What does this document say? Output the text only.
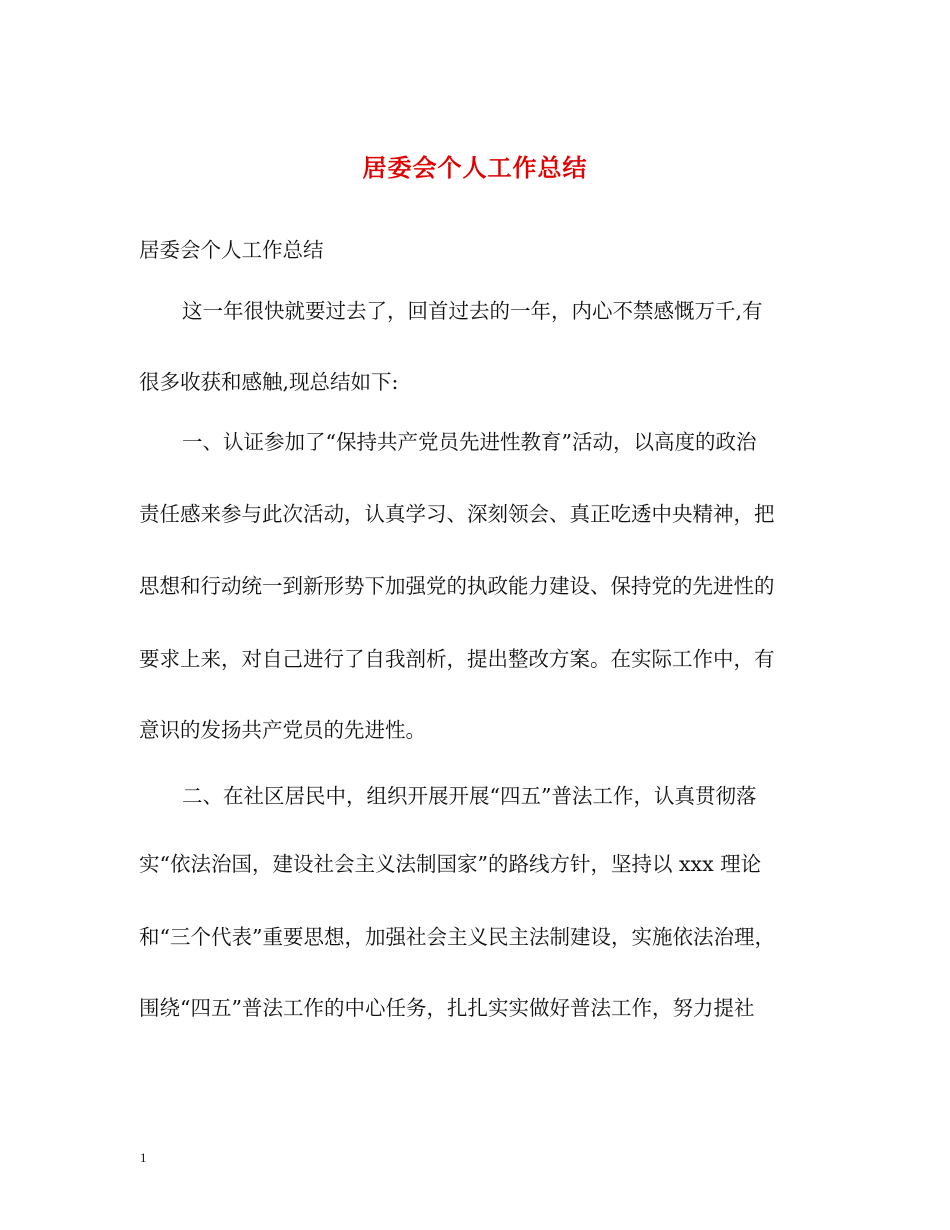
居委会个人工作总结
居委会个人工作总结
这一年很快就要过去了，回首过去的一年，内心不禁感慨万千,有
很多收获和感触,现总结如下:
一、认证参加了“保持共产党员先进性教育”活动，以高度的政治
责任感来参与此次活动，认真学习、深刻领会、真正吃透中央精神，把
思想和行动统一到新形势下加强党的执政能力建设、保持党的先进性的
要求上来，对自己进行了自我剖析，提出整改方案。在实际工作中，有
意识的发扬共产党员的先进性。
二、在社区居民中，组织开展开展“四五”普法工作，认真贯彻落
实“依法治国，建设社会主义法制国家”的路线方针，坚持以 xxx 理论
和“三个代表”重要思想，加强社会主义民主法制建设，实施依法治理，
围绕“四五”普法工作的中心任务，扎扎实实做好普法工作，努力提社
1
